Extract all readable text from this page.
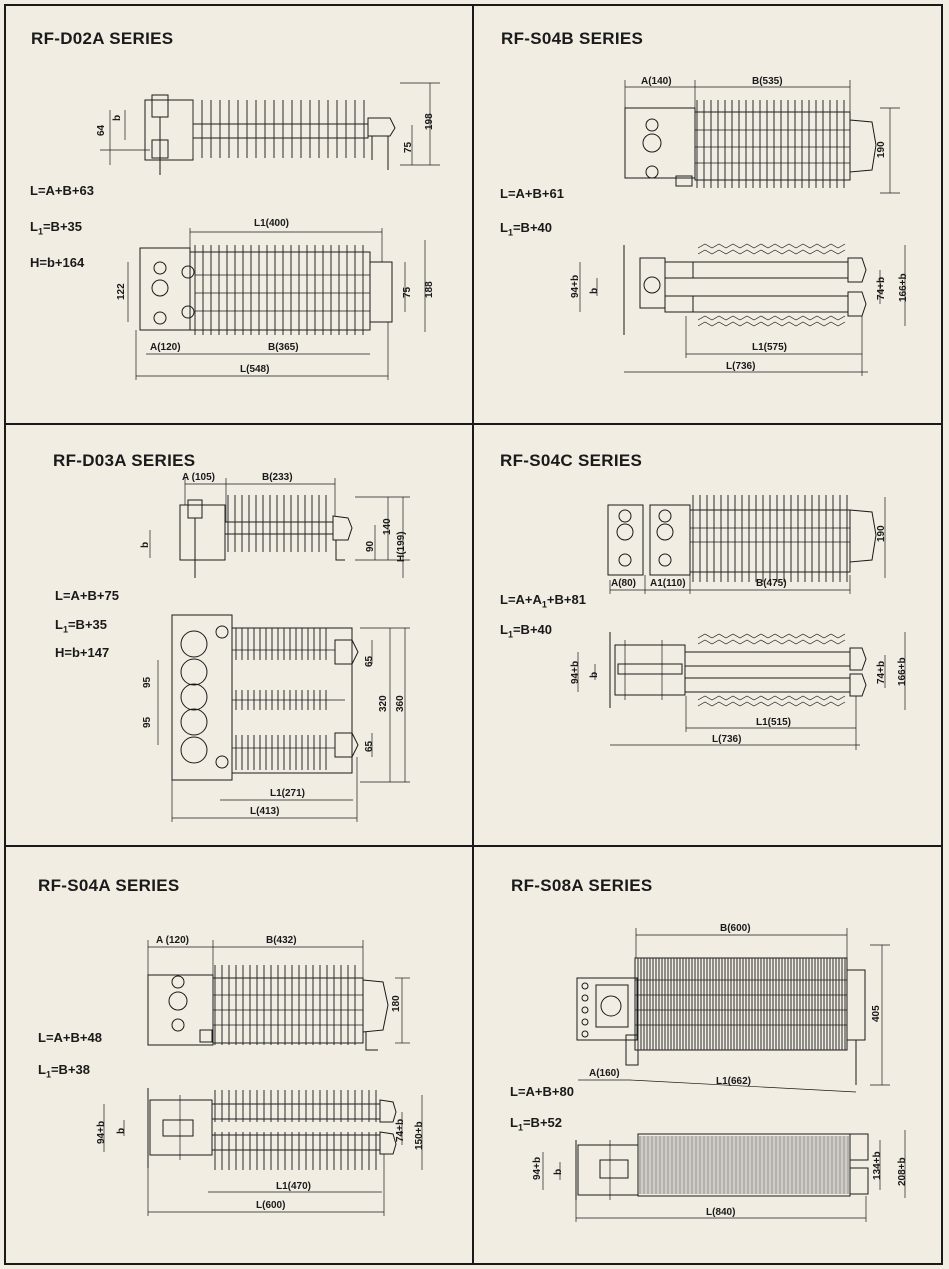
RF-D02A SERIES	RF-S04B SERIES
RF-D03A SERIES	RF-S04C SERIES
RF-S04A SERIES	RF-S08A SERIES
L=A+B+63
$L_1=B+35$
H=b+164
L=A+B+61
$L_1=B+40$
L=A+B+75
$L_1=B+35$
H=b+147
$L=A+A_1+B+81$
$L_1=B+40$
L=A+B+48
$L_1=B+38$
L=A+B+80
$L_1=B+52$
64
b	198
75
L1(400)
A(120)	B(365)
L(548)
122	75 188
A(140)	B(535)
190
94+b b	74+b 166+b
L1(575)
L(736)
A (105)	B(233)
140
90 H(199)
b
65
320 360
95
95
65
L1(271)
L(413)
A(80) A1(110)	B(475)
190
94+b b	74+b 166+b
L1(515)
L(736)
A (120)	B(432)
180
94+b b	74+b 150+b
L1(470)
L(600)
B(600)
405
A(160)
L1(662)
94+b b	134+b 208+b
L(840)
